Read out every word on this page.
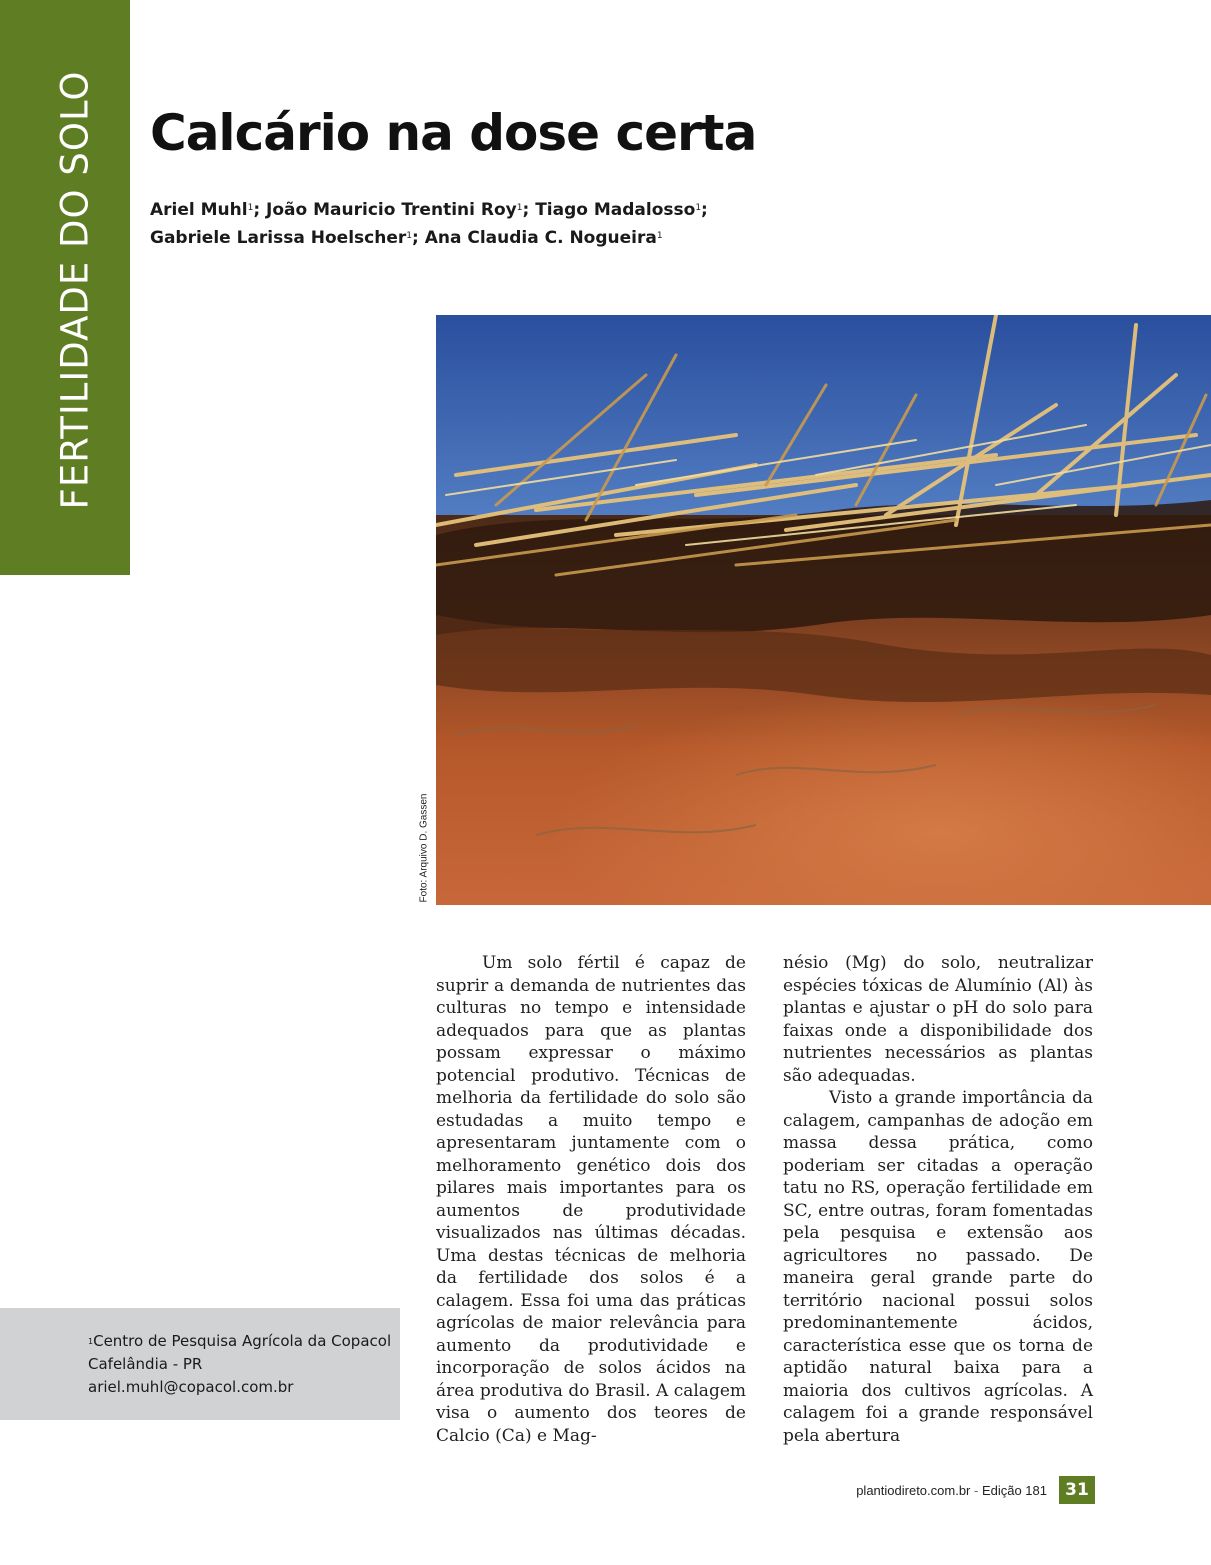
FERTILIDADE DO SOLO Calcário na dose certa
Ariel Muhl$^1$; João Mauricio Trentini Roy$^1$; Tiago Madalosso$^1$;
Gabriele Larissa Hoelscher$^1$; Ana Claudia C. Nogueira$^1$
Foto: Arquivo D. Gassen
$^1$Centro de Pesquisa Agrícola da Copacol
Cafelândia - PR
ariel.muhl@copacol.com.br

Um solo fértil é capaz de suprir a demanda de nutrientes das culturas no tempo e intensidade adequados para que as plantas possam expressar o máximo potencial produtivo. Técnicas de melhoria da fertilidade do solo são estudadas a muito tempo e apresentaram juntamente com o melhoramento genético dois dos pilares mais importantes para os aumentos de produtividade visualizados nas últimas décadas. Uma destas técnicas de melhoria da fertilidade dos solos é a calagem. Essa foi uma das práticas agrícolas de maior relevância para aumento da produtividade e incorporação de solos ácidos na área produtiva do Brasil. A calagem visa o aumento dos teores de Calcio (Ca) e Mag-

nésio (Mg) do solo, neutralizar espécies tóxicas de Alumínio (Al) às plantas e ajustar o pH do solo para faixas onde a disponibilidade dos nutrientes necessários as plantas são adequadas.

Visto a grande importância da calagem, campanhas de adoção em massa dessa prática, como poderiam ser citadas a operação tatu no RS, operação fertilidade em SC, entre outras, foram fomentadas pela pesquisa e extensão aos agricultores no passado. De maneira geral grande parte do território nacional possui solos predominantemente ácidos, característica esse que os torna de aptidão natural baixa para a maioria dos cultivos agrícolas. A calagem foi a grande responsável pela abertura

plantiodireto.com.br - Edição 181	31
